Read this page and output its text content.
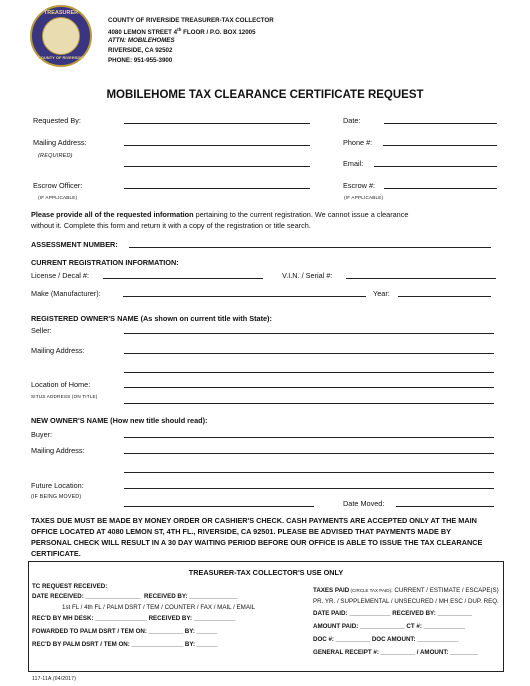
TREASURER
COUNTY OF RIVERSIDE
COUNTY OF RIVERSIDE TREASURER-TAX COLLECTOR
4080 LEMON STREET 4th FLOOR / P.O. BOX 12005
ATTN: MOBILEHOMES
RIVERSIDE, CA 92502
PHONE: 951-955-3900
MOBILEHOME TAX CLEARANCE CERTIFICATE REQUEST
Requested By:	Date:
Mailing Address:
(REQUIRED)
Phone #:
Email:
Escrow Officer:
(IF APPLICABLE)
Escrow #:
(IF APPLICABLE)
Please provide all of the requested information pertaining to the current registration. We cannot issue a clearance
without it. Complete this form and return it with a copy of the registration or title search.
ASSESSMENT NUMBER:
CURRENT REGISTRATION INFORMATION:
License / Decal #:	V.I.N. / Serial #:
Make (Manufacturer):	Year:
REGISTERED OWNER'S NAME (As shown on current title with State):
Seller:
Mailing Address:
Location of Home:
SITUS ADDRESS (ON TITLE)
NEW OWNER'S NAME (How new title should read):
Buyer:
Mailing Address:
Future Location:
(IF BEING MOVED)
Date Moved:
TAXES DUE MUST BE MADE BY MONEY ORDER OR CASHIER'S CHECK. CASH PAYMENTS ARE ACCEPTED ONLY AT THE MAIN
OFFICE LOCATED AT 4080 LEMON ST, 4TH FL., RIVERSIDE, CA 92501. PLEASE BE ADVISED THAT PAYMENTS MADE BY
PERSONAL CHECK WILL RESULT IN A 30 DAY WAITING PERIOD BEFORE OUR OFFICE IS ABLE TO ISSUE THE TAX CLEARANCE
CERTIFICATE.
TREASURER-TAX COLLECTOR'S USE ONLY
TC REQUEST RECEIVED:
DATE RECEIVED: ________________ RECEIVED BY: ______________
1st FL / 4th FL / PALM DSRT / TEM / COUNTER / FAX / MAIL / EMAIL
REC'D BY MH DESK: _______________ RECEIVED BY: ____________
FOWARDED TO PALM DSRT / TEM ON: __________ BY: ______
REC'D BY PALM DSRT / TEM ON: _______________ BY: ______
TAXES PAID (CIRCLE TAX PAID): CURRENT / ESTIMATE / ESCAPE(S)
PR. YR. / SUPPLEMENTAL / UNSECURED / MH ESC / DUP. REQ.
DATE PAID: ____________ RECEIVED BY: __________
AMOUNT PAID: _____________ CT #: ____________
DOC #: __________ DOC AMOUNT: ____________
GENERAL RECEIPT #: __________ / AMOUNT: ________
117-11A (04/2017)
